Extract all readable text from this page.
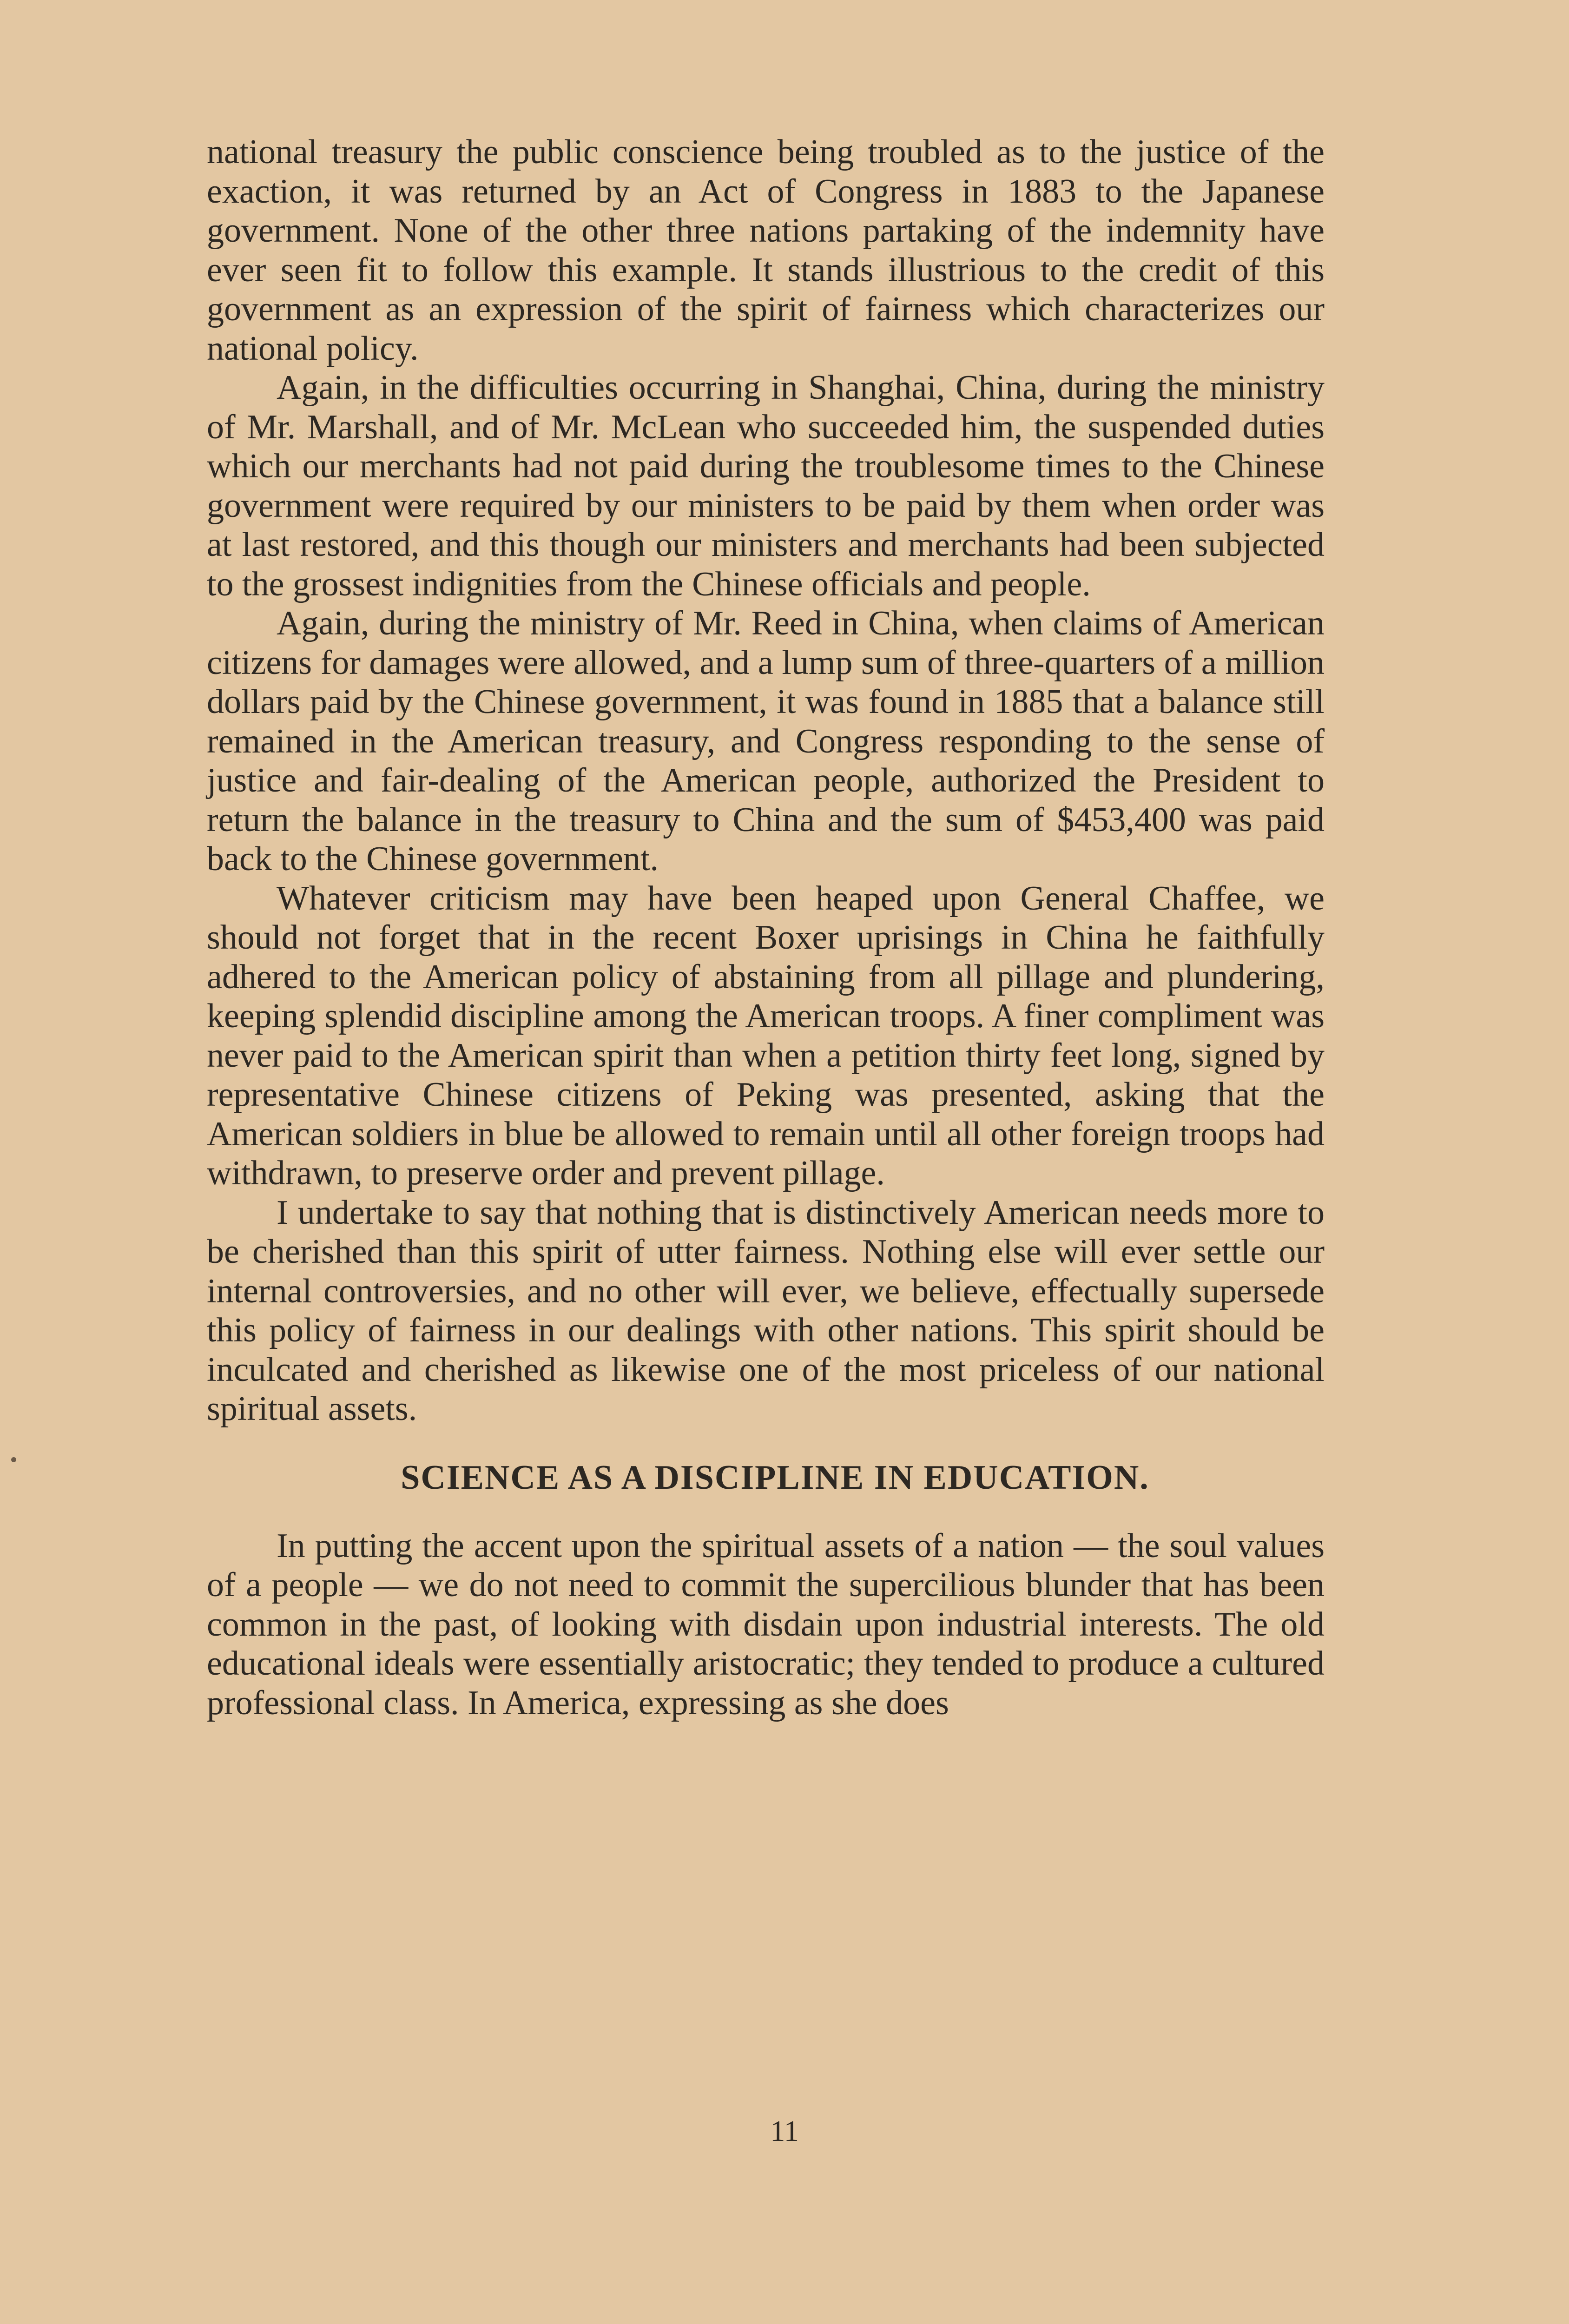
national treasury the public conscience being troubled as to the justice of the exaction, it was returned by an Act of Congress in 1883 to the Japanese government. None of the other three nations partaking of the indemnity have ever seen fit to follow this example. It stands illustrious to the credit of this government as an expression of the spirit of fairness which characterizes our national policy.

Again, in the difficulties occurring in Shanghai, China, during the ministry of Mr. Marshall, and of Mr. McLean who succeeded him, the suspended duties which our merchants had not paid during the troublesome times to the Chinese government were required by our ministers to be paid by them when order was at last restored, and this though our ministers and merchants had been subjected to the grossest indignities from the Chinese officials and people.

Again, during the ministry of Mr. Reed in China, when claims of American citizens for damages were allowed, and a lump sum of three-quarters of a million dollars paid by the Chinese government, it was found in 1885 that a balance still remained in the American treasury, and Congress responding to the sense of justice and fair-dealing of the American people, authorized the President to return the balance in the treasury to China and the sum of $453,400 was paid back to the Chinese government.

Whatever criticism may have been heaped upon General Chaffee, we should not forget that in the recent Boxer uprisings in China he faithfully adhered to the American policy of abstaining from all pillage and plundering, keeping splendid discipline among the American troops. A finer compliment was never paid to the American spirit than when a petition thirty feet long, signed by representative Chinese citizens of Peking was presented, asking that the American soldiers in blue be allowed to remain until all other foreign troops had withdrawn, to preserve order and prevent pillage.

I undertake to say that nothing that is distinctively American needs more to be cherished than this spirit of utter fairness. Nothing else will ever settle our internal controversies, and no other will ever, we believe, effectually supersede this policy of fairness in our dealings with other nations. This spirit should be inculcated and cherished as likewise one of the most priceless of our national spiritual assets.

SCIENCE AS A DISCIPLINE IN EDUCATION.

In putting the accent upon the spiritual assets of a nation — the soul values of a people — we do not need to commit the supercilious blunder that has been common in the past, of looking with disdain upon industrial interests. The old educational ideals were essentially aristocratic; they tended to produce a cultured professional class. In America, expressing as she does

11
